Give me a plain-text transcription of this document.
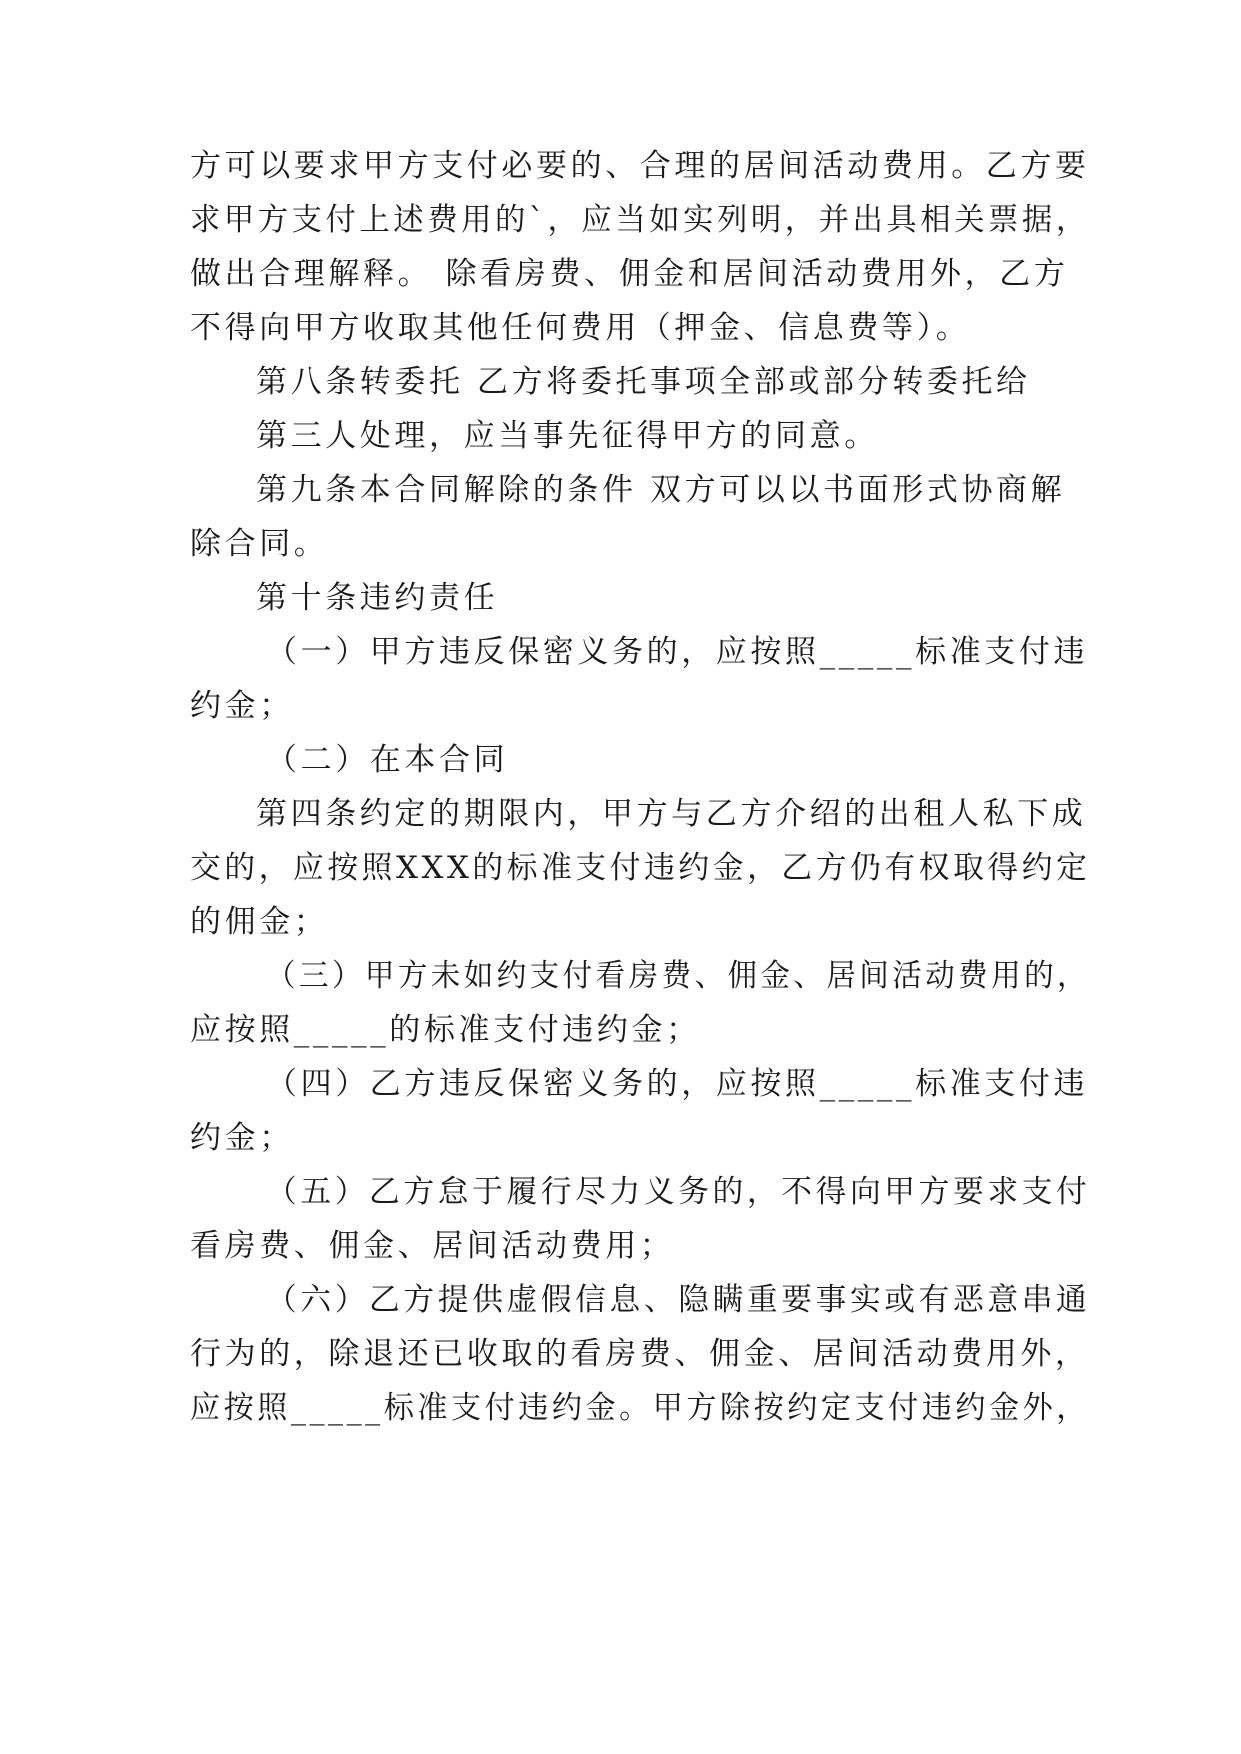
方可以要求甲方支付必要的、合理的居间活动费用。乙方要
求甲方支付上述费用的`，应当如实列明，并出具相关票据，
做出合理解释。 除看房费、佣金和居间活动费用外，乙方
不得向甲方收取其他任何费用（押金、信息费等）。
第八条转委托 乙方将委托事项全部或部分转委托给
第三人处理，应当事先征得甲方的同意。
第九条本合同解除的条件 双方可以以书面形式协商解
除合同。
第十条违约责任
（一）甲方违反保密义务的，应按照_____标准支付违
约金；
（二）在本合同
第四条约定的期限内，甲方与乙方介绍的出租人私下成
交的，应按照XXX的标准支付违约金，乙方仍有权取得约定
的佣金；
（三）甲方未如约支付看房费、佣金、居间活动费用的，
应按照_____的标准支付违约金；
（四）乙方违反保密义务的，应按照_____标准支付违
约金；
（五）乙方怠于履行尽力义务的，不得向甲方要求支付
看房费、佣金、居间活动费用；
（六）乙方提供虚假信息、隐瞒重要事实或有恶意串通
行为的，除退还已收取的看房费、佣金、居间活动费用外，
应按照_____标准支付违约金。甲方除按约定支付违约金外，
